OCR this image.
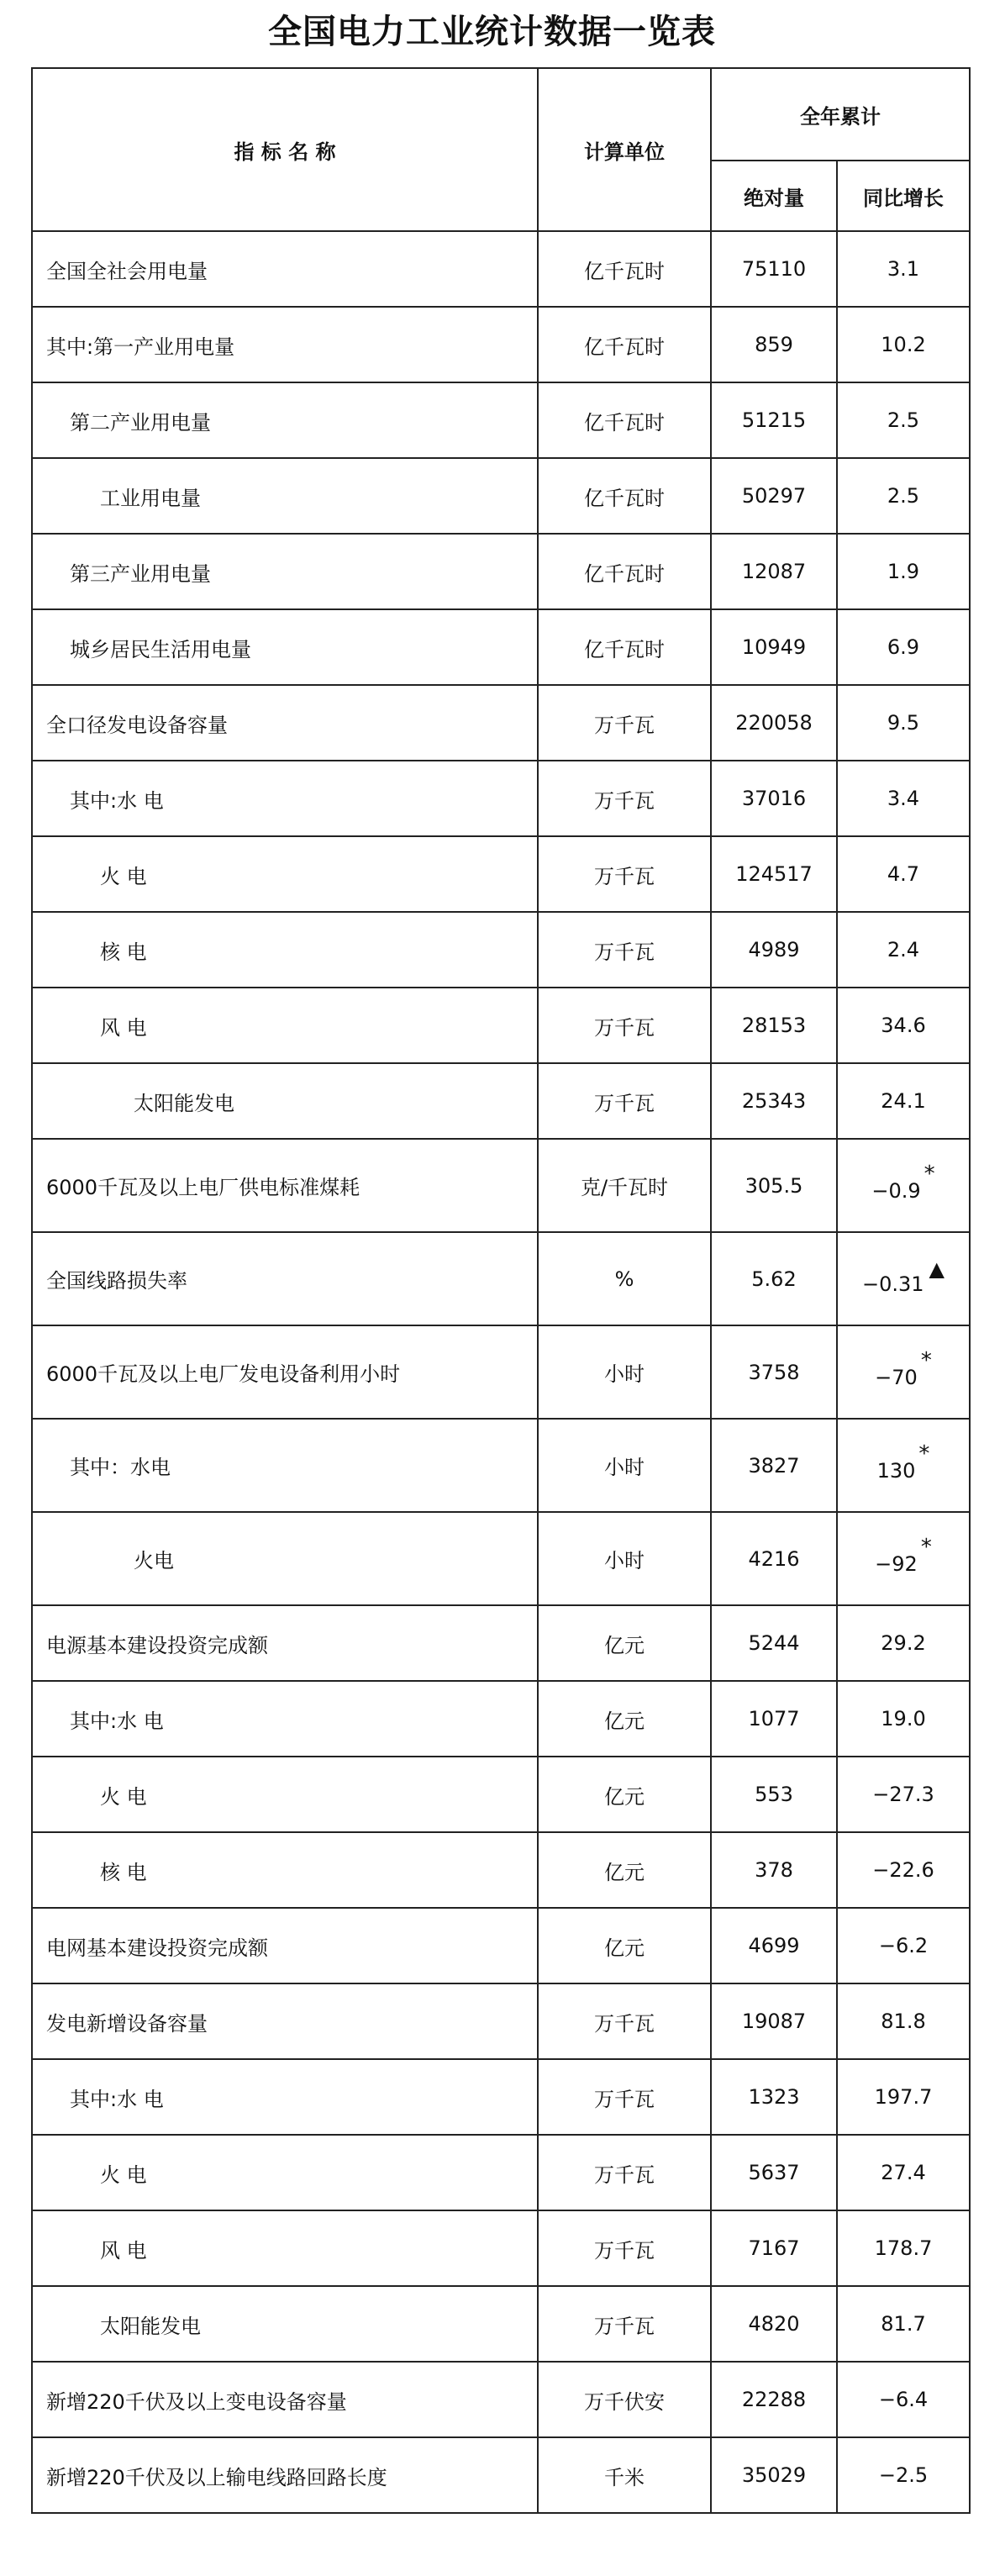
全国电力工业统计数据一览表
指 标 名 称	计算单位	全年累计	
		绝对量	同比增长
全国全社会用电量	亿千瓦时	75110	3.1
其中:第一产业用电量	亿千瓦时	859	10.2
第二产业用电量	亿千瓦时	51215	2.5
工业用电量	亿千瓦时	50297	2.5
第三产业用电量	亿千瓦时	12087	1.9
城乡居民生活用电量	亿千瓦时	10949	6.9
全口径发电设备容量	万千瓦	220058	9.5
其中:水 电	万千瓦	37016	3.4
火 电	万千瓦	124517	4.7
核 电	万千瓦	4989	2.4
风 电	万千瓦	28153	34.6
太阳能发电	万千瓦	25343	24.1
6000千瓦及以上电厂供电标准煤耗	克/千瓦时	305.5	−0.9*
全国线路损失率	%	5.62	−0.31▲
6000千瓦及以上电厂发电设备利用小时	小时	3758	−70*
其中：水电	小时	3827	130*
火电	小时	4216	−92*
电源基本建设投资完成额	亿元	5244	29.2
其中:水 电	亿元	1077	19.0
火 电	亿元	553	−27.3
核 电	亿元	378	−22.6
电网基本建设投资完成额	亿元	4699	−6.2
发电新增设备容量	万千瓦	19087	81.8
其中:水 电	万千瓦	1323	197.7
火 电	万千瓦	5637	27.4
风 电	万千瓦	7167	178.7
太阳能发电	万千瓦	4820	81.7
新增220千伏及以上变电设备容量	万千伏安	22288	−6.4
新增220千伏及以上输电线路回路长度	千米	35029	−2.5
